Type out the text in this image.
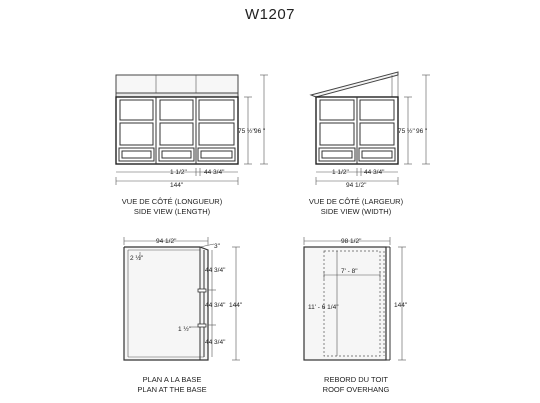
W1207
75 ½" 96 "
1 1/2"	44 3/4"
144"
VUE DE CÔTÉ (LONGUEUR)
SIDE VIEW (LENGTH)
75 ½" 96 "
1 1/2" 44 3/4"
94 1/2"
VUE DE CÔTÉ (LARGEUR)
SIDE VIEW (WIDTH)
94 1/2"
3"
2 ½"
44 3/4"
44 3/4"
44 3/4"
144"
1 ½"
PLAN A LA BASE
PLAN AT THE BASE
98 1/2"
7' - 8"
11' - 6 1/4"	144"
REBORD DU TOIT
ROOF OVERHANG
